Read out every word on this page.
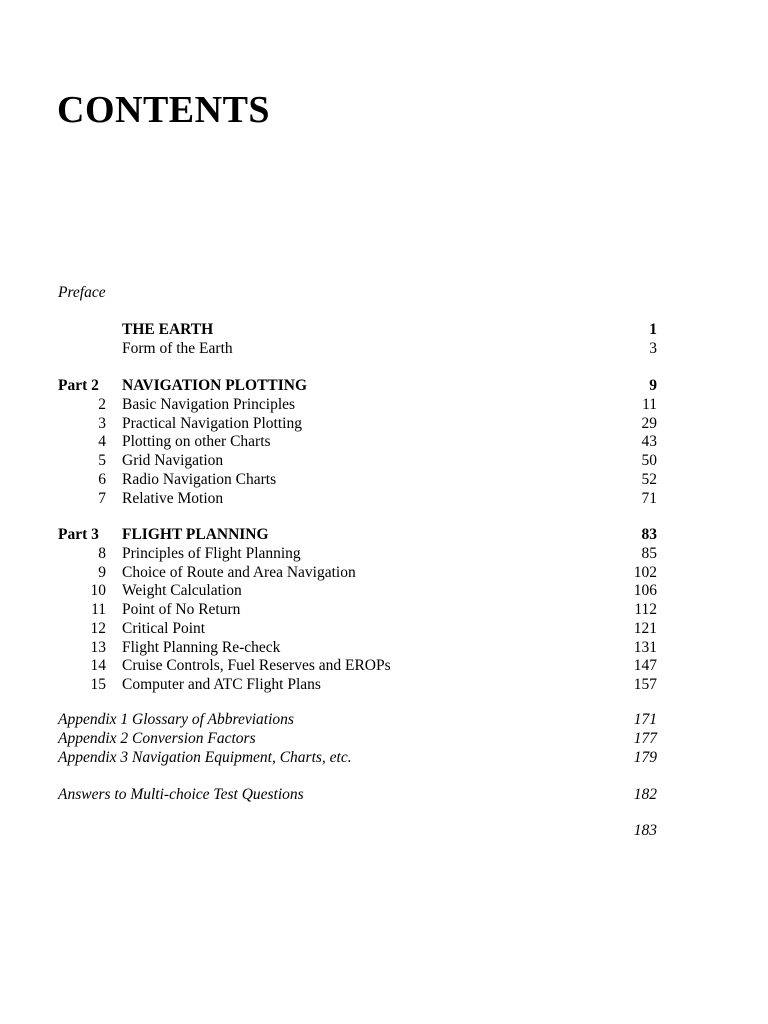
CONTENTS
Preface
THE EARTH	1
Form of the Earth	3
Part 2	NAVIGATION PLOTTING	9
2 Basic Navigation Principles	11
3 Practical Navigation Plotting	29
4 Plotting on other Charts	43
5 Grid Navigation	50
6 Radio Navigation Charts	52
7 Relative Motion	71
Part 3	FLIGHT PLANNING	83
8 Principles of Flight Planning	85
9 Choice of Route and Area Navigation	102
10 Weight Calculation	106
11 Point of No Return	112
12 Critical Point	121
13 Flight Planning Re-check	131
14 Cruise Controls, Fuel Reserves and EROPs	147
15 Computer and ATC Flight Plans	157
Appendix 1 Glossary of Abbreviations	171
Appendix 2 Conversion Factors	177
Appendix 3 Navigation Equipment, Charts, etc.	179
Answers to Multi-choice Test Questions	182
183
